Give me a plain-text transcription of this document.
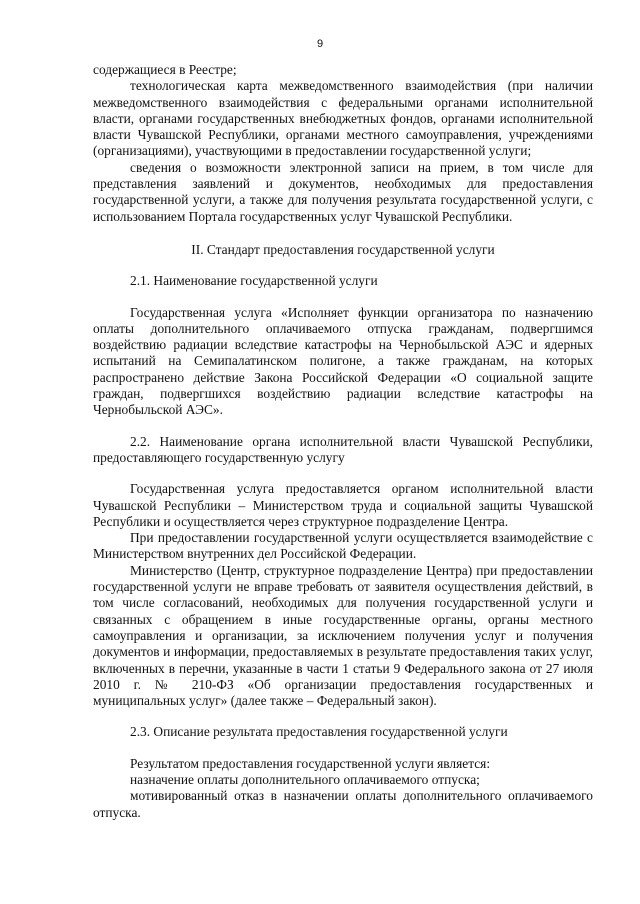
9

содержащиеся в Реестре;

технологическая карта межведомственного взаимодействия (при наличии межведомственного взаимодействия с федеральными органами исполнительной власти, органами государственных внебюджетных фондов, органами исполнительной власти Чувашской Республики, органами местного самоуправления, учреждениями (организациями), участвующими в предоставлении государственной услуги;

сведения о возможности электронной записи на прием, в том числе для представления заявлений и документов, необходимых для предоставления государственной услуги, а также для получения результата государственной услуги, с использованием Портала государственных услуг Чувашской Республики.

II. Стандарт предоставления государственной услуги

2.1. Наименование государственной услуги

Государственная услуга «Исполняет функции организатора по назначению оплаты дополнительного оплачиваемого отпуска гражданам, подвергшимся воздействию радиации вследствие катастрофы на Чернобыльской АЭС и ядерных испытаний на Семипалатинском полигоне, а также гражданам, на которых распространено действие Закона Российской Федерации «О социальной защите граждан, подвергшихся воздействию радиации вследствие катастрофы на Чернобыльской АЭС».

2.2. Наименование органа исполнительной власти Чувашской Республики, предоставляющего государственную услугу

Государственная услуга предоставляется органом исполнительной власти Чувашской Республики – Министерством труда и социальной защиты Чувашской Республики и осуществляется через структурное подразделение Центра.

При предоставлении государственной услуги осуществляется взаимодействие с Министерством внутренних дел Российской Федерации.

Министерство (Центр, структурное подразделение Центра) при предоставлении государственной услуги не вправе требовать от заявителя осуществления действий, в том числе согласований, необходимых для получения государственной услуги и связанных с обращением в иные государственные органы, органы местного самоуправления и организации, за исключением получения услуг и получения документов и информации, предоставляемых в результате предоставления таких услуг, включенных в перечни, указанные в части 1 статьи 9 Федерального закона от 27 июля 2010 г. № 210-ФЗ «Об организации предоставления государственных и муниципальных услуг» (далее также – Федеральный закон).

2.3. Описание результата предоставления государственной услуги

Результатом предоставления государственной услуги является:

назначение оплаты дополнительного оплачиваемого отпуска;

мотивированный отказ в назначении оплаты дополнительного оплачиваемого отпуска.
